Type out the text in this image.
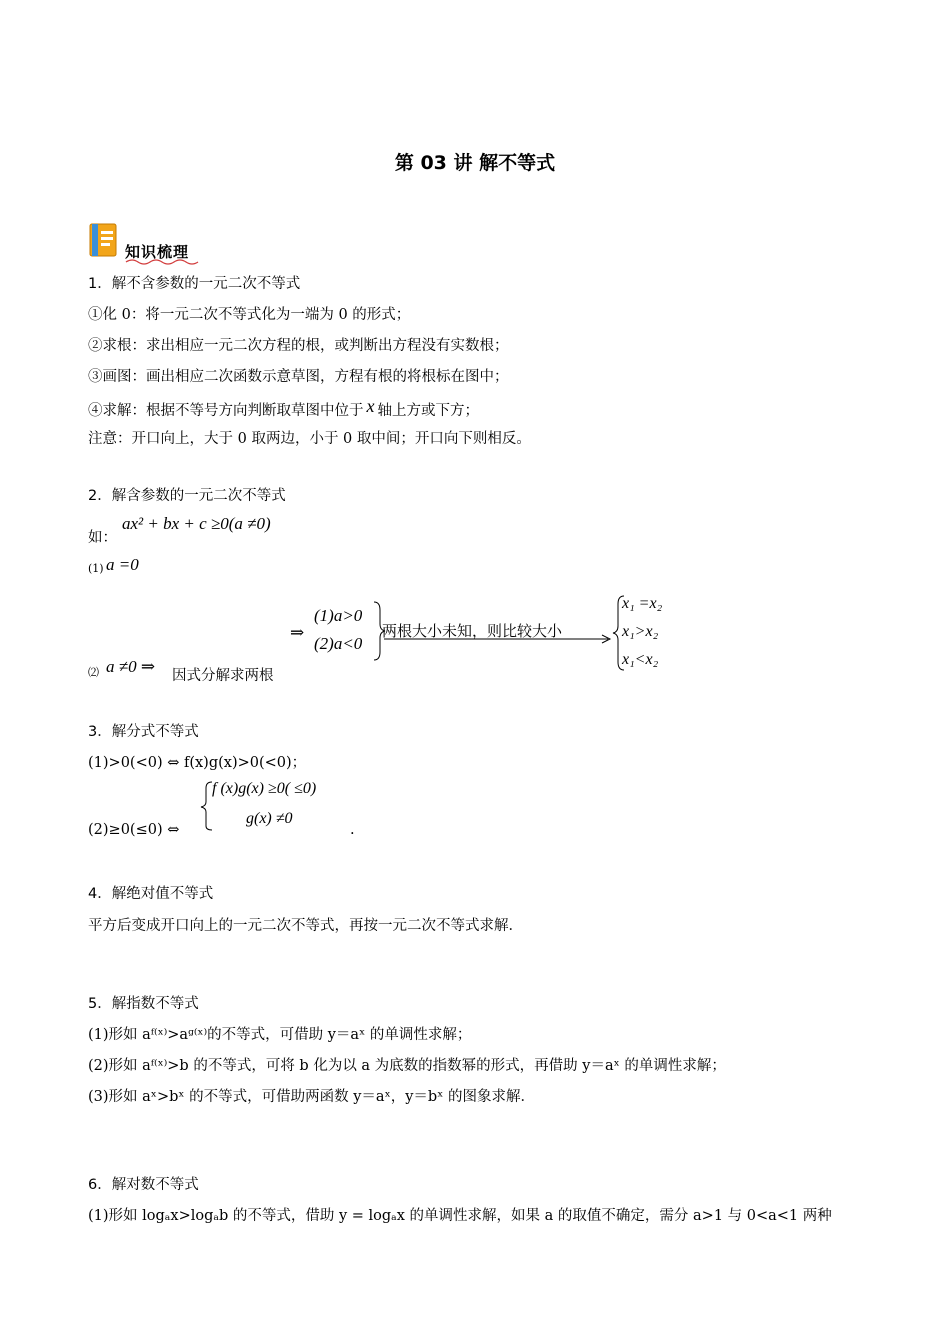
第 03 讲 解不等式
知识梳理
1．解不含参数的一元二次不等式
①化 0：将一元二次不等式化为一端为 0 的形式；
②求根：求出相应一元二次方程的根，或判断出方程没有实数根；
③画图：画出相应二次函数示意草图，方程有根的将根标在图中；
④求解：根据不等号方向判断取草图中位于 x 轴上方或下方；
注意：开口向上，大于 0 取两边，小于 0 取中间；开口向下则相反。
2．解含参数的一元二次不等式
如：
ax² + bx + c ≥0(a ≠0)
(1) a =0
⇒
(1)a>0
(2)a<0
两根大小未知，则比较大小
x₁ =x₂
x₁>x₂
x₁<x₂
⑵ a ≠0 ⇒ 因式分解求两根
3．解分式不等式
(1)>0(<0) ⇔ f(x)g(x)>0(<0)；
f (x)g(x) ≥0( ≤0)
g(x) ≠0
(2)≥0(≤0) ⇔	.
4．解绝对值不等式
平方后变成开口向上的一元二次不等式，再按一元二次不等式求解．
5．解指数不等式
(1)形如 aᶠ⁽ˣ⁾>aᵍ⁽ˣ⁾的不等式，可借助 y＝aˣ 的单调性求解；
(2)形如 aᶠ⁽ˣ⁾>b 的不等式，可将 b 化为以 a 为底数的指数幂的形式，再借助 y＝aˣ 的单调性求解；
(3)形如 aˣ>bˣ 的不等式，可借助两函数 y＝aˣ，y＝bˣ 的图象求解．
6．解对数不等式
(1)形如 logₐx>logₐb 的不等式，借助 y = logₐx 的单调性求解，如果 a 的取值不确定，需分 a>1 与 0<a<1 两种
